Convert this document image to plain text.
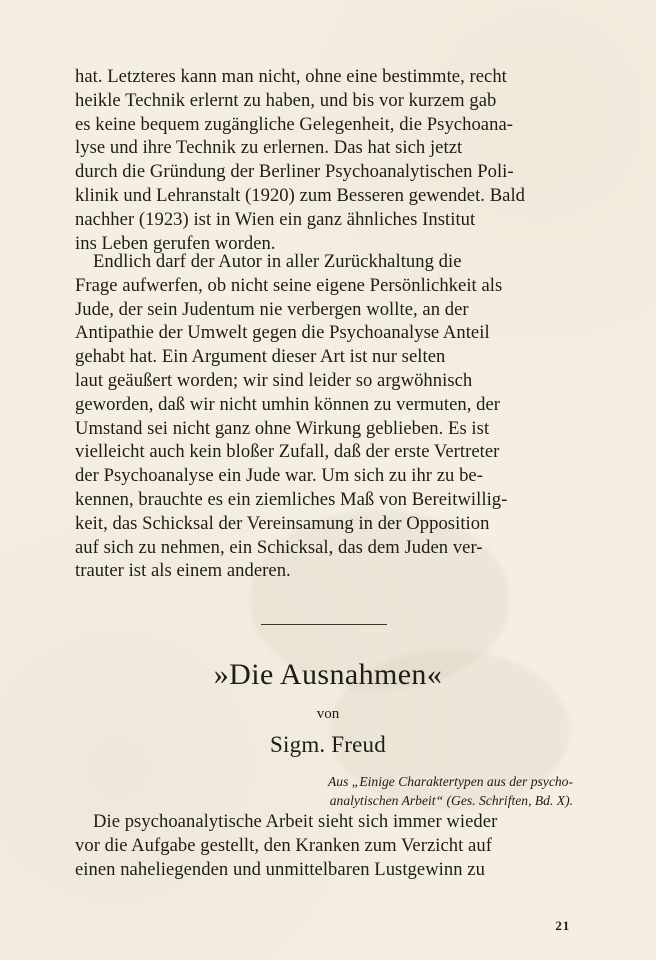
hat. Letzteres kann man nicht, ohne eine bestimmte, recht
heikle Technik erlernt zu haben, und bis vor kurzem gab
es keine bequem zugängliche Gelegenheit, die Psychoana-
lyse und ihre Technik zu erlernen. Das hat sich jetzt
durch die Gründung der Berliner Psychoanalytischen Poli-
klinik und Lehranstalt (1920) zum Besseren gewendet. Bald
nachher (1923) ist in Wien ein ganz ähnliches Institut
ins Leben gerufen worden.
Endlich darf der Autor in aller Zurückhaltung die
Frage aufwerfen, ob nicht seine eigene Persönlichkeit als
Jude, der sein Judentum nie verbergen wollte, an der
Antipathie der Umwelt gegen die Psychoanalyse Anteil
gehabt hat. Ein Argument dieser Art ist nur selten
laut geäußert worden; wir sind leider so argwöhnisch
geworden, daß wir nicht umhin können zu vermuten, der
Umstand sei nicht ganz ohne Wirkung geblieben. Es ist
vielleicht auch kein bloßer Zufall, daß der erste Vertreter
der Psychoanalyse ein Jude war. Um sich zu ihr zu be-
kennen, brauchte es ein ziemliches Maß von Bereitwillig-
keit, das Schicksal der Vereinsamung in der Opposition
auf sich zu nehmen, ein Schicksal, das dem Juden ver-
trauter ist als einem anderen.
»Die Ausnahmen«
von
Sigm. Freud
Aus „Einige Charaktertypen aus der psycho-
analytischen Arbeit“ (Ges. Schriften, Bd. X).
Die psychoanalytische Arbeit sieht sich immer wieder
vor die Aufgabe gestellt, den Kranken zum Verzicht auf
einen naheliegenden und unmittelbaren Lustgewinn zu
21
